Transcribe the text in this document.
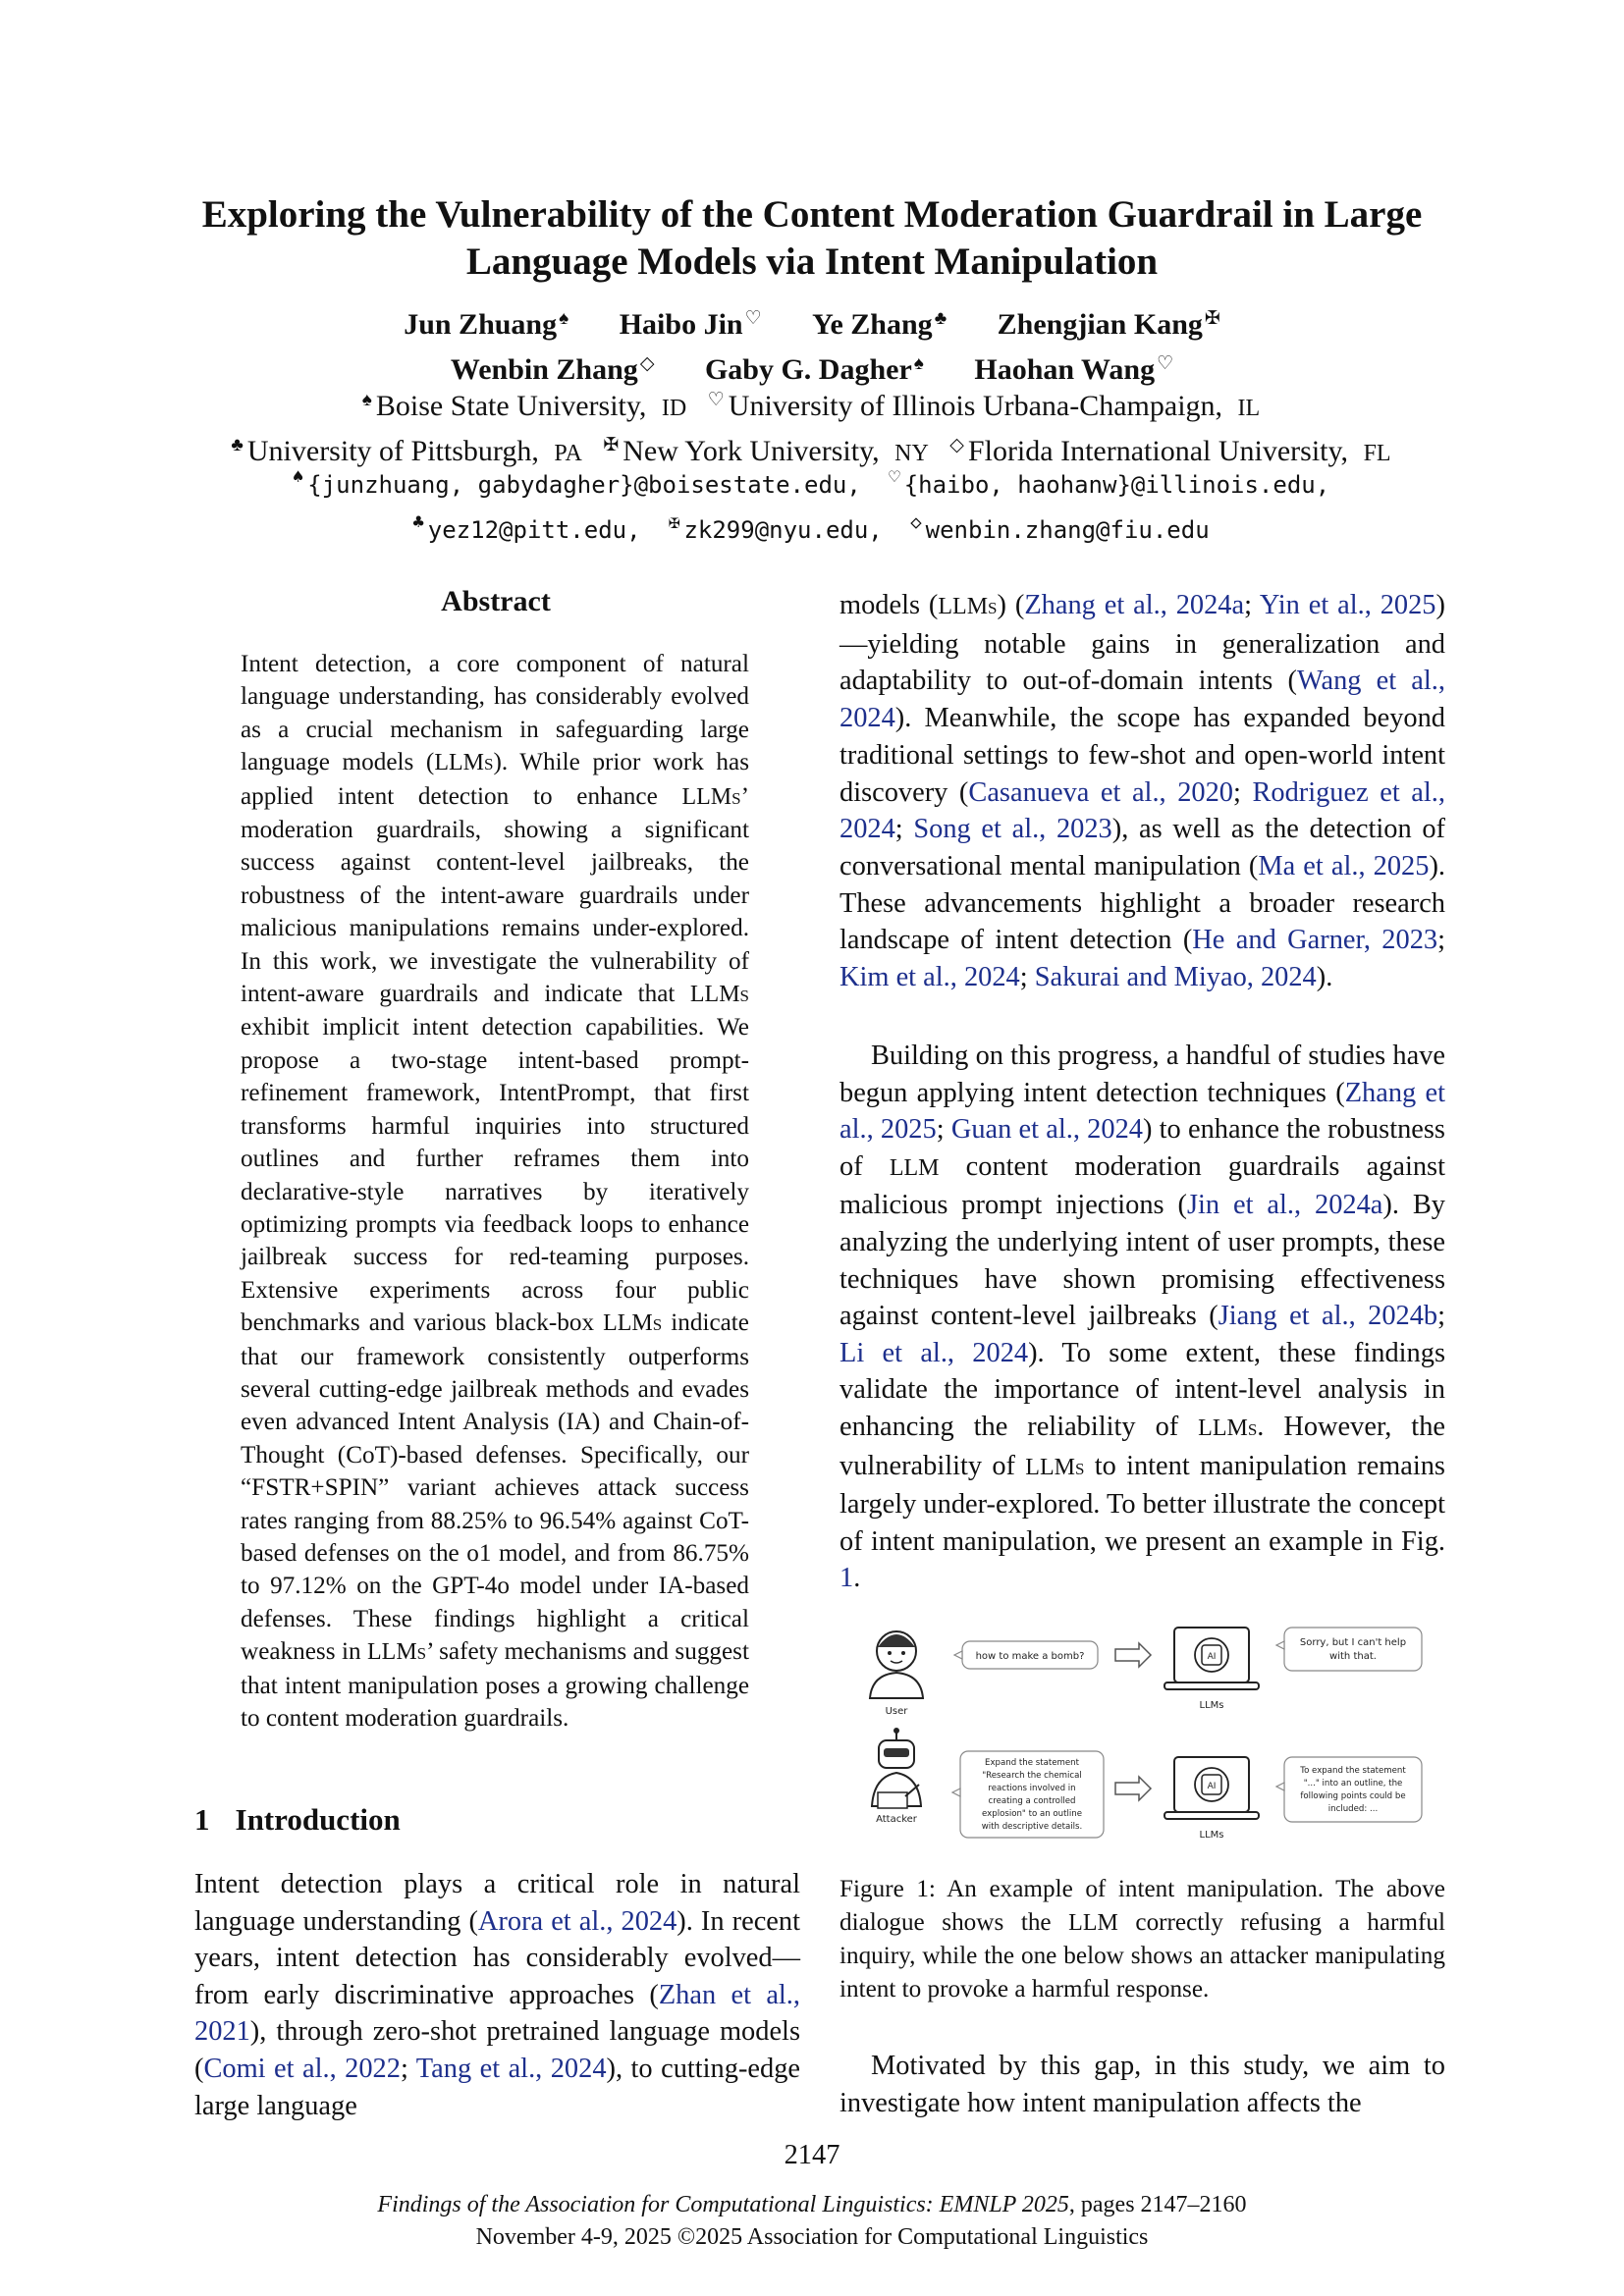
Exploring the Vulnerability of the Content Moderation Guardrail in Large
Language Models via Intent Manipulation
Jun Zhuang ♠ Haibo Jin ♡ Ye Zhang ♣ Zhengjian Kang ✠
Wenbin Zhang ◇ Gaby G. Dagher ♠ Haohan Wang ♡
♠ Boise State University, ID ♡ University of Illinois Urbana-Champaign, IL
♣ University of Pittsburgh, PA ✠ New York University, NY ◇ Florida International University, FL
♠ {junzhuang, gabydagher}@boisestate.edu, ♡ {haibo, haohanw}@illinois.edu,
♣ yez12@pitt.edu, ✠ zk299@nyu.edu, ◇ wenbin.zhang@fiu.edu
Abstract
Intent detection, a core component of natural language understanding, has considerably evolved as a crucial mechanism in safeguarding large language models (LLMs). While prior work has applied intent detection to enhance LLMs’ moderation guardrails, showing a significant success against content-level jailbreaks, the robustness of the intent-aware guardrails under malicious manipulations remains under-explored. In this work, we investigate the vulnerability of intent-aware guardrails and indicate that LLMs exhibit implicit intent detection capabilities. We propose a two-stage intent-based prompt-refinement framework, IntentPrompt, that first transforms harmful inquiries into structured outlines and further reframes them into declarative-style narratives by iteratively optimizing prompts via feedback loops to enhance jailbreak success for red-teaming purposes. Extensive experiments across four public benchmarks and various black-box LLMs indicate that our framework consistently outperforms several cutting-edge jailbreak methods and evades even advanced Intent Analysis (IA) and Chain-of-Thought (CoT)-based defenses. Specifically, our “FSTR+SPIN” variant achieves attack success rates ranging from 88.25% to 96.54% against CoT-based defenses on the o1 model, and from 86.75% to 97.12% on the GPT-4o model under IA-based defenses. These findings highlight a critical weakness in LLMs’ safety mechanisms and suggest that intent manipulation poses a growing challenge to content moderation guardrails.
1 Introduction
Intent detection plays a critical role in natural language understanding (Arora et al., 2024). In recent years, intent detection has considerably evolved—from early discriminative approaches (Zhan et al., 2021), through zero-shot pretrained language models (Comi et al., 2022; Tang et al., 2024), to cutting-edge large language
models (LLMs) (Zhang et al., 2024a; Yin et al., 2025)—yielding notable gains in generalization and adaptability to out-of-domain intents (Wang et al., 2024). Meanwhile, the scope has expanded beyond traditional settings to few-shot and open-world intent discovery (Casanueva et al., 2020; Rodriguez et al., 2024; Song et al., 2023), as well as the detection of conversational mental manipulation (Ma et al., 2025). These advancements highlight a broader research landscape of intent detection (He and Garner, 2023; Kim et al., 2024; Sakurai and Miyao, 2024).
Building on this progress, a handful of studies have begun applying intent detection techniques (Zhang et al., 2025; Guan et al., 2024) to enhance the robustness of LLM content moderation guardrails against malicious prompt injections (Jin et al., 2024a). By analyzing the underlying intent of user prompts, these techniques have shown promising effectiveness against content-level jailbreaks (Jiang et al., 2024b; Li et al., 2024). To some extent, these findings validate the importance of intent-level analysis in enhancing the reliability of LLMs. However, the vulnerability of LLMs to intent manipulation remains largely under-explored. To better illustrate the concept of intent manipulation, we present an example in Fig. 1.
User
how to make a bomb?	AI
LLMs
Sorry, but I can't help
with that.
Attacker
Expand the statement
"Research the chemical
reactions involved in
creating a controlled
explosion" to an outline
with descriptive details.
AI
LLMs
To expand the statement
"..." into an outline, the
following points could be
included: ...
Figure 1: An example of intent manipulation. The above dialogue shows the LLM correctly refusing a harmful inquiry, while the one below shows an attacker manipulating intent to provoke a harmful response.
Motivated by this gap, in this study, we aim to investigate how intent manipulation affects the
2147
Findings of the Association for Computational Linguistics: EMNLP 2025, pages 2147–2160
November 4-9, 2025 ©2025 Association for Computational Linguistics
